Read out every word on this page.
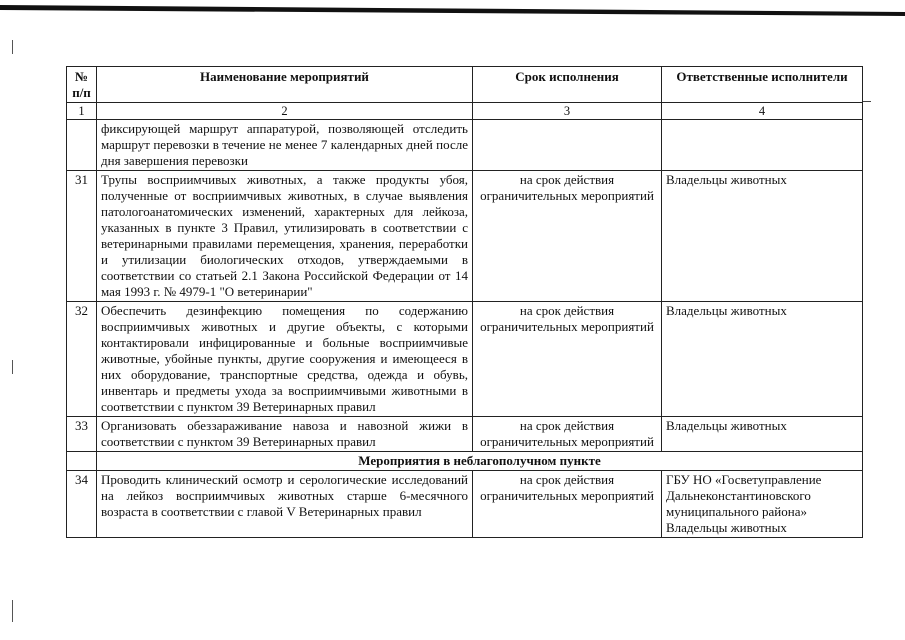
№ п/п	Наименование мероприятий	Срок исполнения	Ответственные исполнители
1	2	3	4
	фиксирующей маршрут аппаратурой, позволяющей отследить маршрут перевозки в течение не менее 7 календарных дней после дня завершения перевозки		
31	Трупы восприимчивых животных, а также продукты убоя, полученные от восприимчивых животных, в случае выявления патологоанатомических изменений, характерных для лейкоза, указанных в пункте 3 Правил, утилизировать в соответствии с ветеринарными правилами перемещения, хранения, переработки и утилизации биологических отходов, утверждаемыми в соответствии со статьей 2.1 Закона Российской Федерации от 14 мая 1993 г. № 4979-1 "О ветеринарии"	на срок действия ограничительных мероприятий	Владельцы животных
32	Обеспечить дезинфекцию помещения по содержанию восприимчивых животных и другие объекты, с которыми контактировали инфицированные и больные восприимчивые животные, убойные пункты, другие сооружения и имеющееся в них оборудование, транспортные средства, одежда и обувь, инвентарь и предметы ухода за восприимчивыми животными в соответствии с пунктом 39 Ветеринарных правил	на срок действия ограничительных мероприятий	Владельцы животных
33	Организовать обеззараживание навоза и навозной жижи в соответствии с пунктом 39 Ветеринарных правил	на срок действия ограничительных мероприятий	Владельцы животных
	Мероприятия в неблагополучном пункте		
34	Проводить клинический осмотр и серологические исследований на лейкоз восприимчивых животных старше 6-месячного возраста в соответствии с главой V Ветеринарных правил	на срок действия ограничительных мероприятий	ГБУ НО «Госветуправление Дальнеконстантиновского муниципального района» Владельцы животных
